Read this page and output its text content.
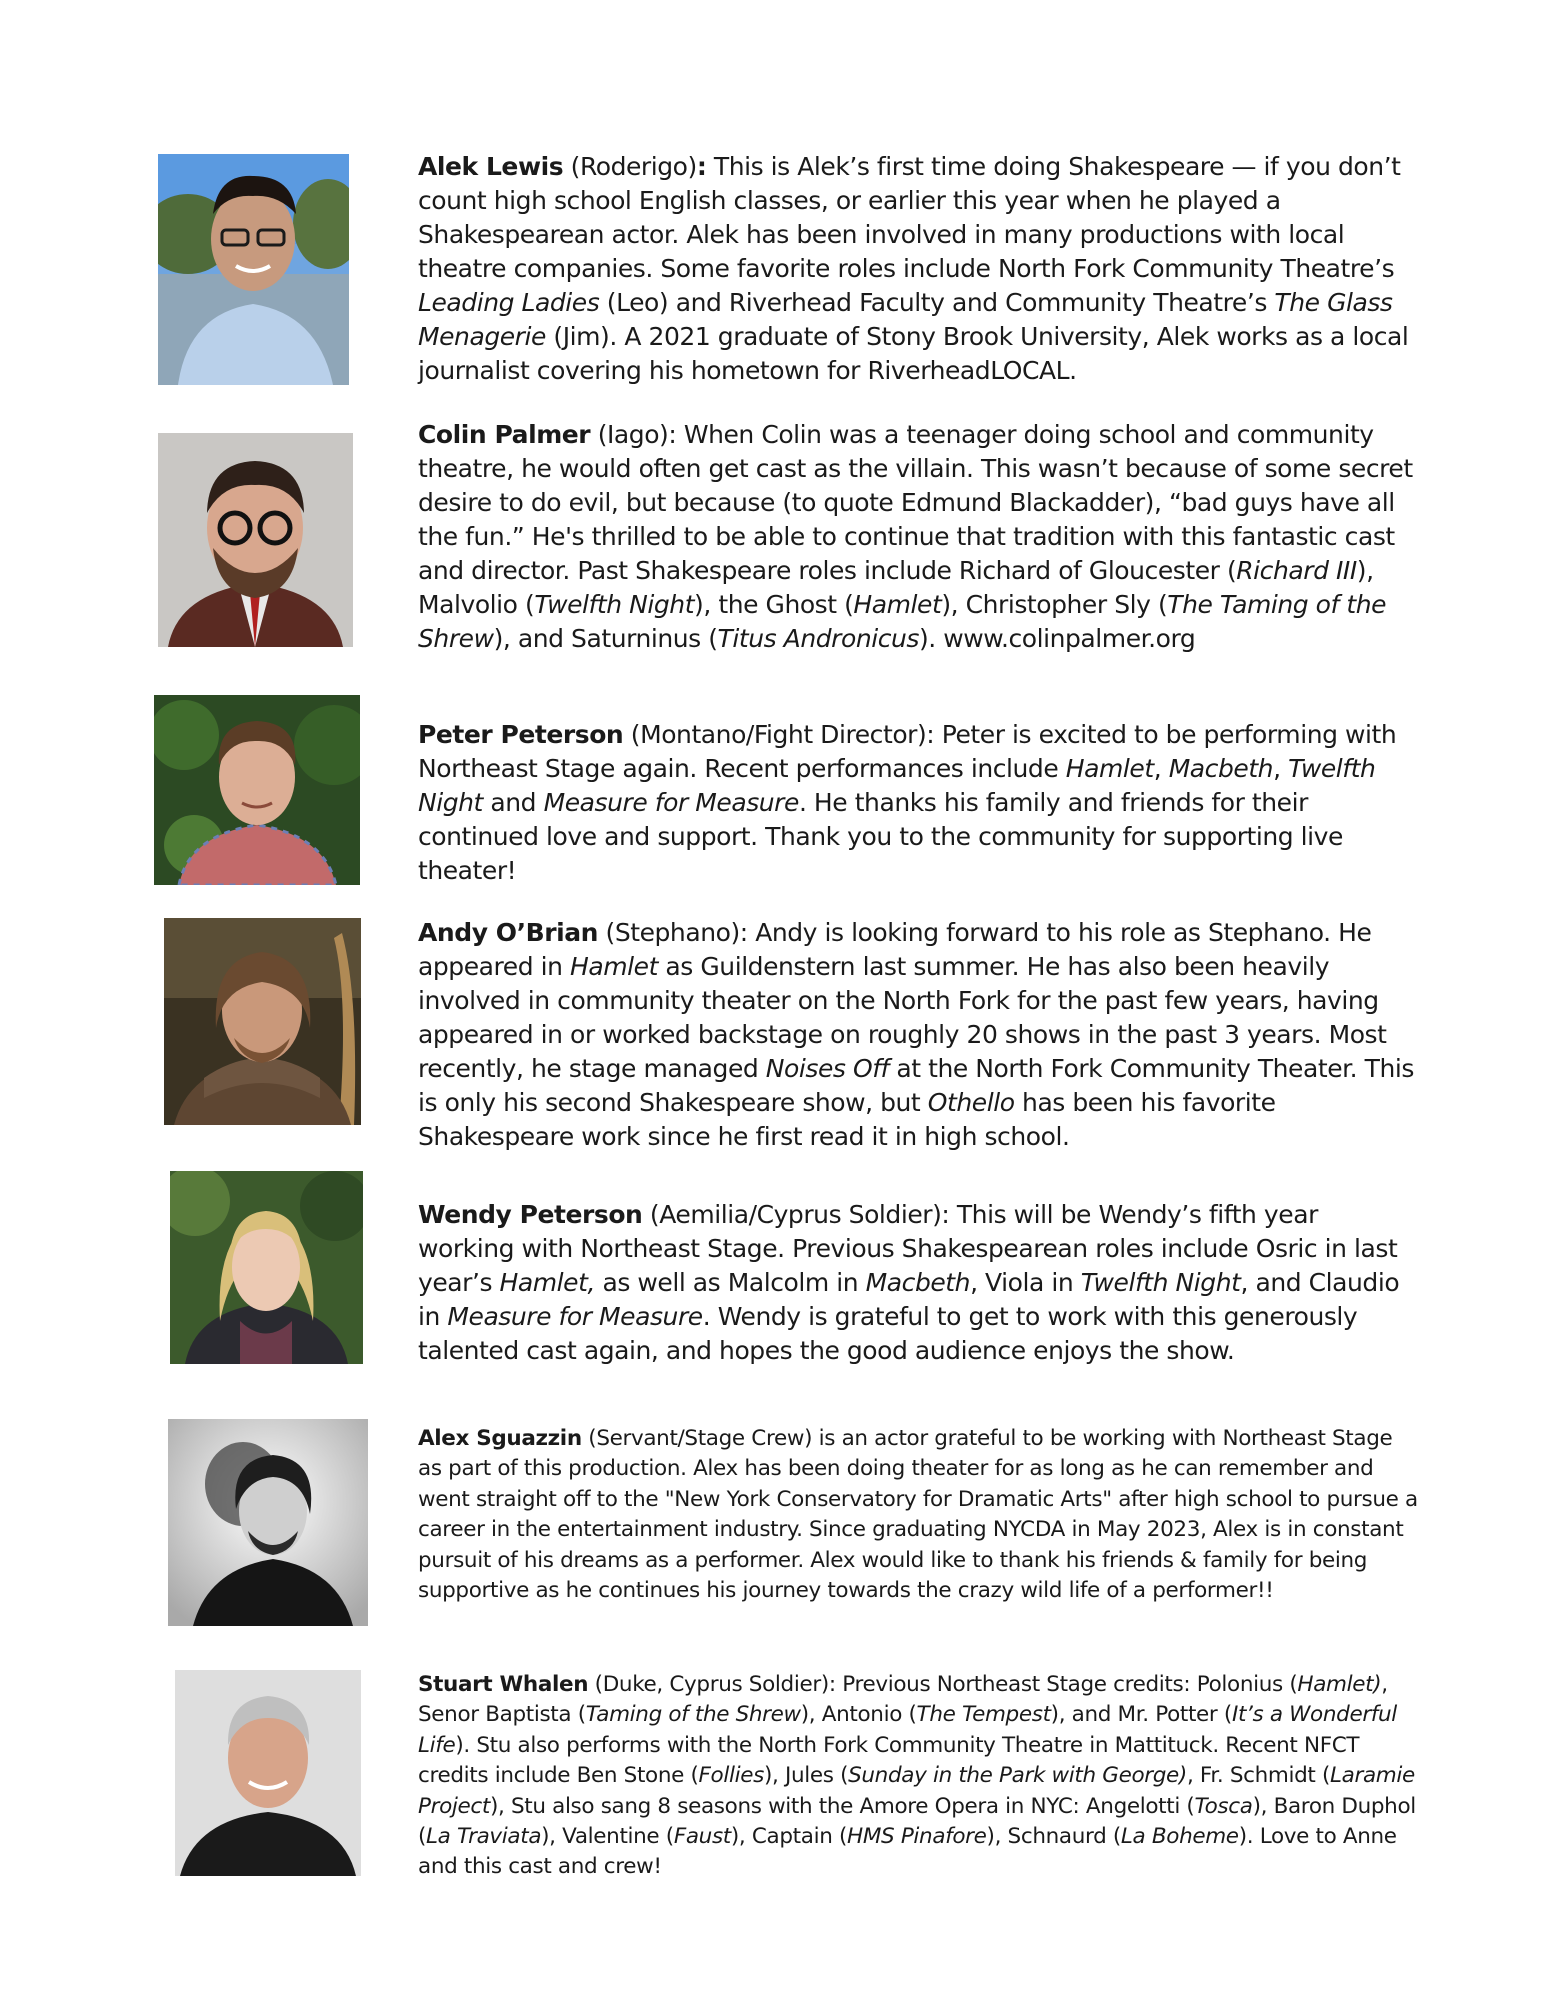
Alek Lewis (Roderigo): This is Alek’s first time doing Shakespeare — if you don’t count high school English classes, or earlier this year when he played a Shakespearean actor. Alek has been involved in many productions with local theatre companies. Some favorite roles include North Fork Community Theatre’s Leading Ladies (Leo) and Riverhead Faculty and Community Theatre’s The Glass Menagerie (Jim). A 2021 graduate of Stony Brook University, Alek works as a local journalist covering his hometown for RiverheadLOCAL.

Colin Palmer (Iago): When Colin was a teenager doing school and community theatre, he would often get cast as the villain. This wasn’t because of some secret desire to do evil, but because (to quote Edmund Blackadder), “bad guys have all the fun.” He's thrilled to be able to continue that tradition with this fantastic cast and director. Past Shakespeare roles include Richard of Gloucester (Richard III), Malvolio (Twelfth Night), the Ghost (Hamlet), Christopher Sly (The Taming of the Shrew), and Saturninus (Titus Andronicus). www.colinpalmer.org

Peter Peterson (Montano/Fight Director): Peter is excited to be performing with Northeast Stage again. Recent performances include Hamlet, Macbeth, Twelfth Night and Measure for Measure. He thanks his family and friends for their continued love and support. Thank you to the community for supporting live theater!

Andy O’Brian (Stephano): Andy is looking forward to his role as Stephano. He appeared in Hamlet as Guildenstern last summer. He has also been heavily involved in community theater on the North Fork for the past few years, having appeared in or worked backstage on roughly 20 shows in the past 3 years. Most recently, he stage managed Noises Off at the North Fork Community Theater. This is only his second Shakespeare show, but Othello has been his favorite Shakespeare work since he first read it in high school.

Wendy Peterson (Aemilia/Cyprus Soldier): This will be Wendy’s fifth year working with Northeast Stage. Previous Shakespearean roles include Osric in last year’s Hamlet, as well as Malcolm in Macbeth, Viola in Twelfth Night, and Claudio in Measure for Measure. Wendy is grateful to get to work with this generously talented cast again, and hopes the good audience enjoys the show.

Alex Sguazzin (Servant/Stage Crew) is an actor grateful to be working with Northeast Stage as part of this production. Alex has been doing theater for as long as he can remember and went straight off to the "New York Conservatory for Dramatic Arts" after high school to pursue a career in the entertainment industry. Since graduating NYCDA in May 2023, Alex is in constant pursuit of his dreams as a performer. Alex would like to thank his friends & family for being supportive as he continues his journey towards the crazy wild life of a performer!!

Stuart Whalen (Duke, Cyprus Soldier): Previous Northeast Stage credits: Polonius (Hamlet), Senor Baptista (Taming of the Shrew), Antonio (The Tempest), and Mr. Potter (It’s a Wonderful Life). Stu also performs with the North Fork Community Theatre in Mattituck. Recent NFCT credits include Ben Stone (Follies), Jules (Sunday in the Park with George), Fr. Schmidt (Laramie Project), Stu also sang 8 seasons with the Amore Opera in NYC: Angelotti (Tosca), Baron Duphol (La Traviata), Valentine (Faust), Captain (HMS Pinafore), Schnaurd (La Boheme). Love to Anne and this cast and crew!
